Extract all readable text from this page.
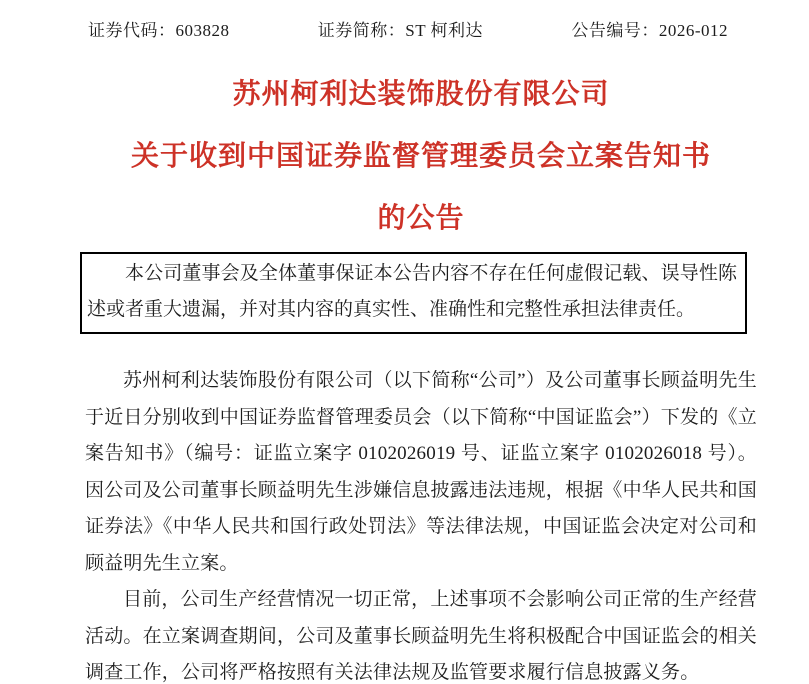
证券代码：603828	证券简称：ST 柯利达	公告编号：2026-012
苏州柯利达装饰股份有限公司
关于收到中国证券监督管理委员会立案告知书
的公告

本公司董事会及全体董事保证本公告内容不存在任何虚假记载、误导性陈述或者重大遗漏，并对其内容的真实性、准确性和完整性承担法律责任。

苏州柯利达装饰股份有限公司（以下简称“公司”）及公司董事长顾益明先生于近日分别收到中国证券监督管理委员会（以下简称“中国证监会”）下发的《立案告知书》（编号：证监立案字 0102026019 号、证监立案字 0102026018 号）。因公司及公司董事长顾益明先生涉嫌信息披露违法违规，根据《中华人民共和国证券法》《中华人民共和国行政处罚法》等法律法规，中国证监会决定对公司和顾益明先生立案。

目前，公司生产经营情况一切正常，上述事项不会影响公司正常的生产经营活动。在立案调查期间，公司及董事长顾益明先生将积极配合中国证监会的相关调查工作，公司将严格按照有关法律法规及监管要求履行信息披露义务。
